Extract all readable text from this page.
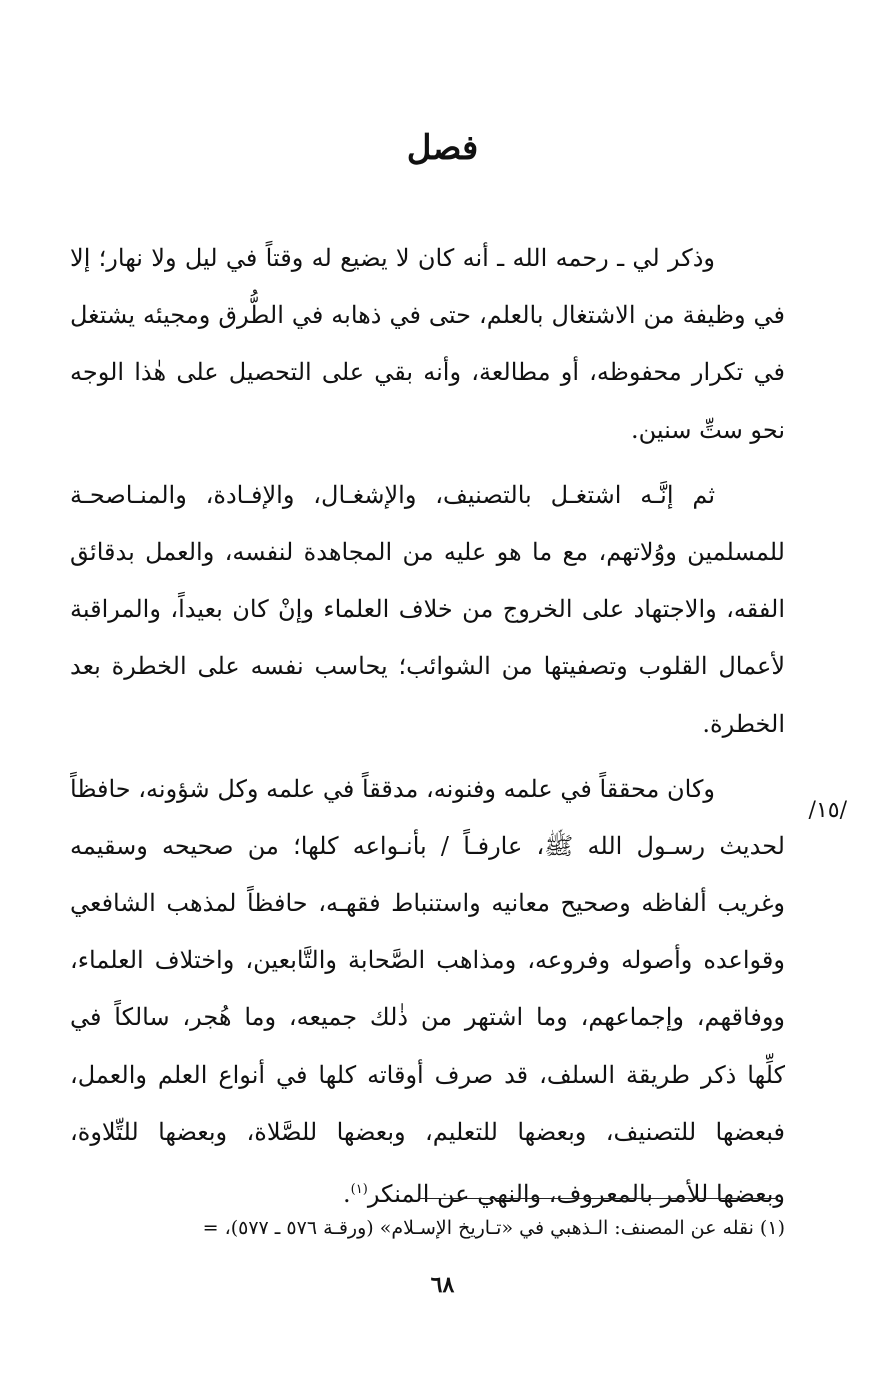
فصل
وذكر لي ـ رحمه الله ـ أنه كان لا يضيع له وقتاً في ليل ولا نهار؛ إلا
في وظيفة من الاشتغال بالعلم، حتى في ذهابه في الطُّرق ومجيئه يشتغل
في تكرار محفوظه، أو مطالعة، وأنه بقي على التحصيل على هٰذا الوجه
نحو ستِّ سنين.
ثم إنَّـه اشتغـل بالتصنيف، والإشغـال، والإفـادة، والمنـاصحـة
للمسلمين ووُلاتهم، مع ما هو عليه من المجاهدة لنفسه، والعمل بدقائق
الفقه، والاجتهاد على الخروج من خلاف العلماء وإنْ كان بعيداً، والمراقبة
لأعمال القلوب وتصفيتها من الشوائب؛ يحاسب نفسه على الخطرة بعد
الخطرة.
وكان محققاً في علمه وفنونه، مدققاً في علمه وكل شؤونه، حافظاً
لحديث رسـول الله ﷺ، عارفـاً / بأنـواعه كلها؛ من صحيحه وسقيمه
وغريب ألفاظه وصحيح معانيه واستنباط فقهـه، حافظاً لمذهب الشافعي
وقواعده وأصوله وفروعه، ومذاهب الصَّحابة والتَّابعين، واختلاف العلماء،
ووفاقهم، وإجماعهم، وما اشتهر من ذٰلك جميعه، وما هُجر، سالكاً في
كلِّها ذكر طريقة السلف، قد صرف أوقاته كلها في أنواع العلم والعمل،
فبعضها للتصنيف، وبعضها للتعليم، وبعضها للصَّلاة، وبعضها للتِّلاوة،
وبعضها للأمر بالمعروف، والنهي عن المنكر$^{(١)}$.
/١٥/
(١) نقله عن المصنف: الـذهبي في «تـاريخ الإسـلام» (ورقـة ٥٧٦ ـ ٥٧٧)، =
٦٨
